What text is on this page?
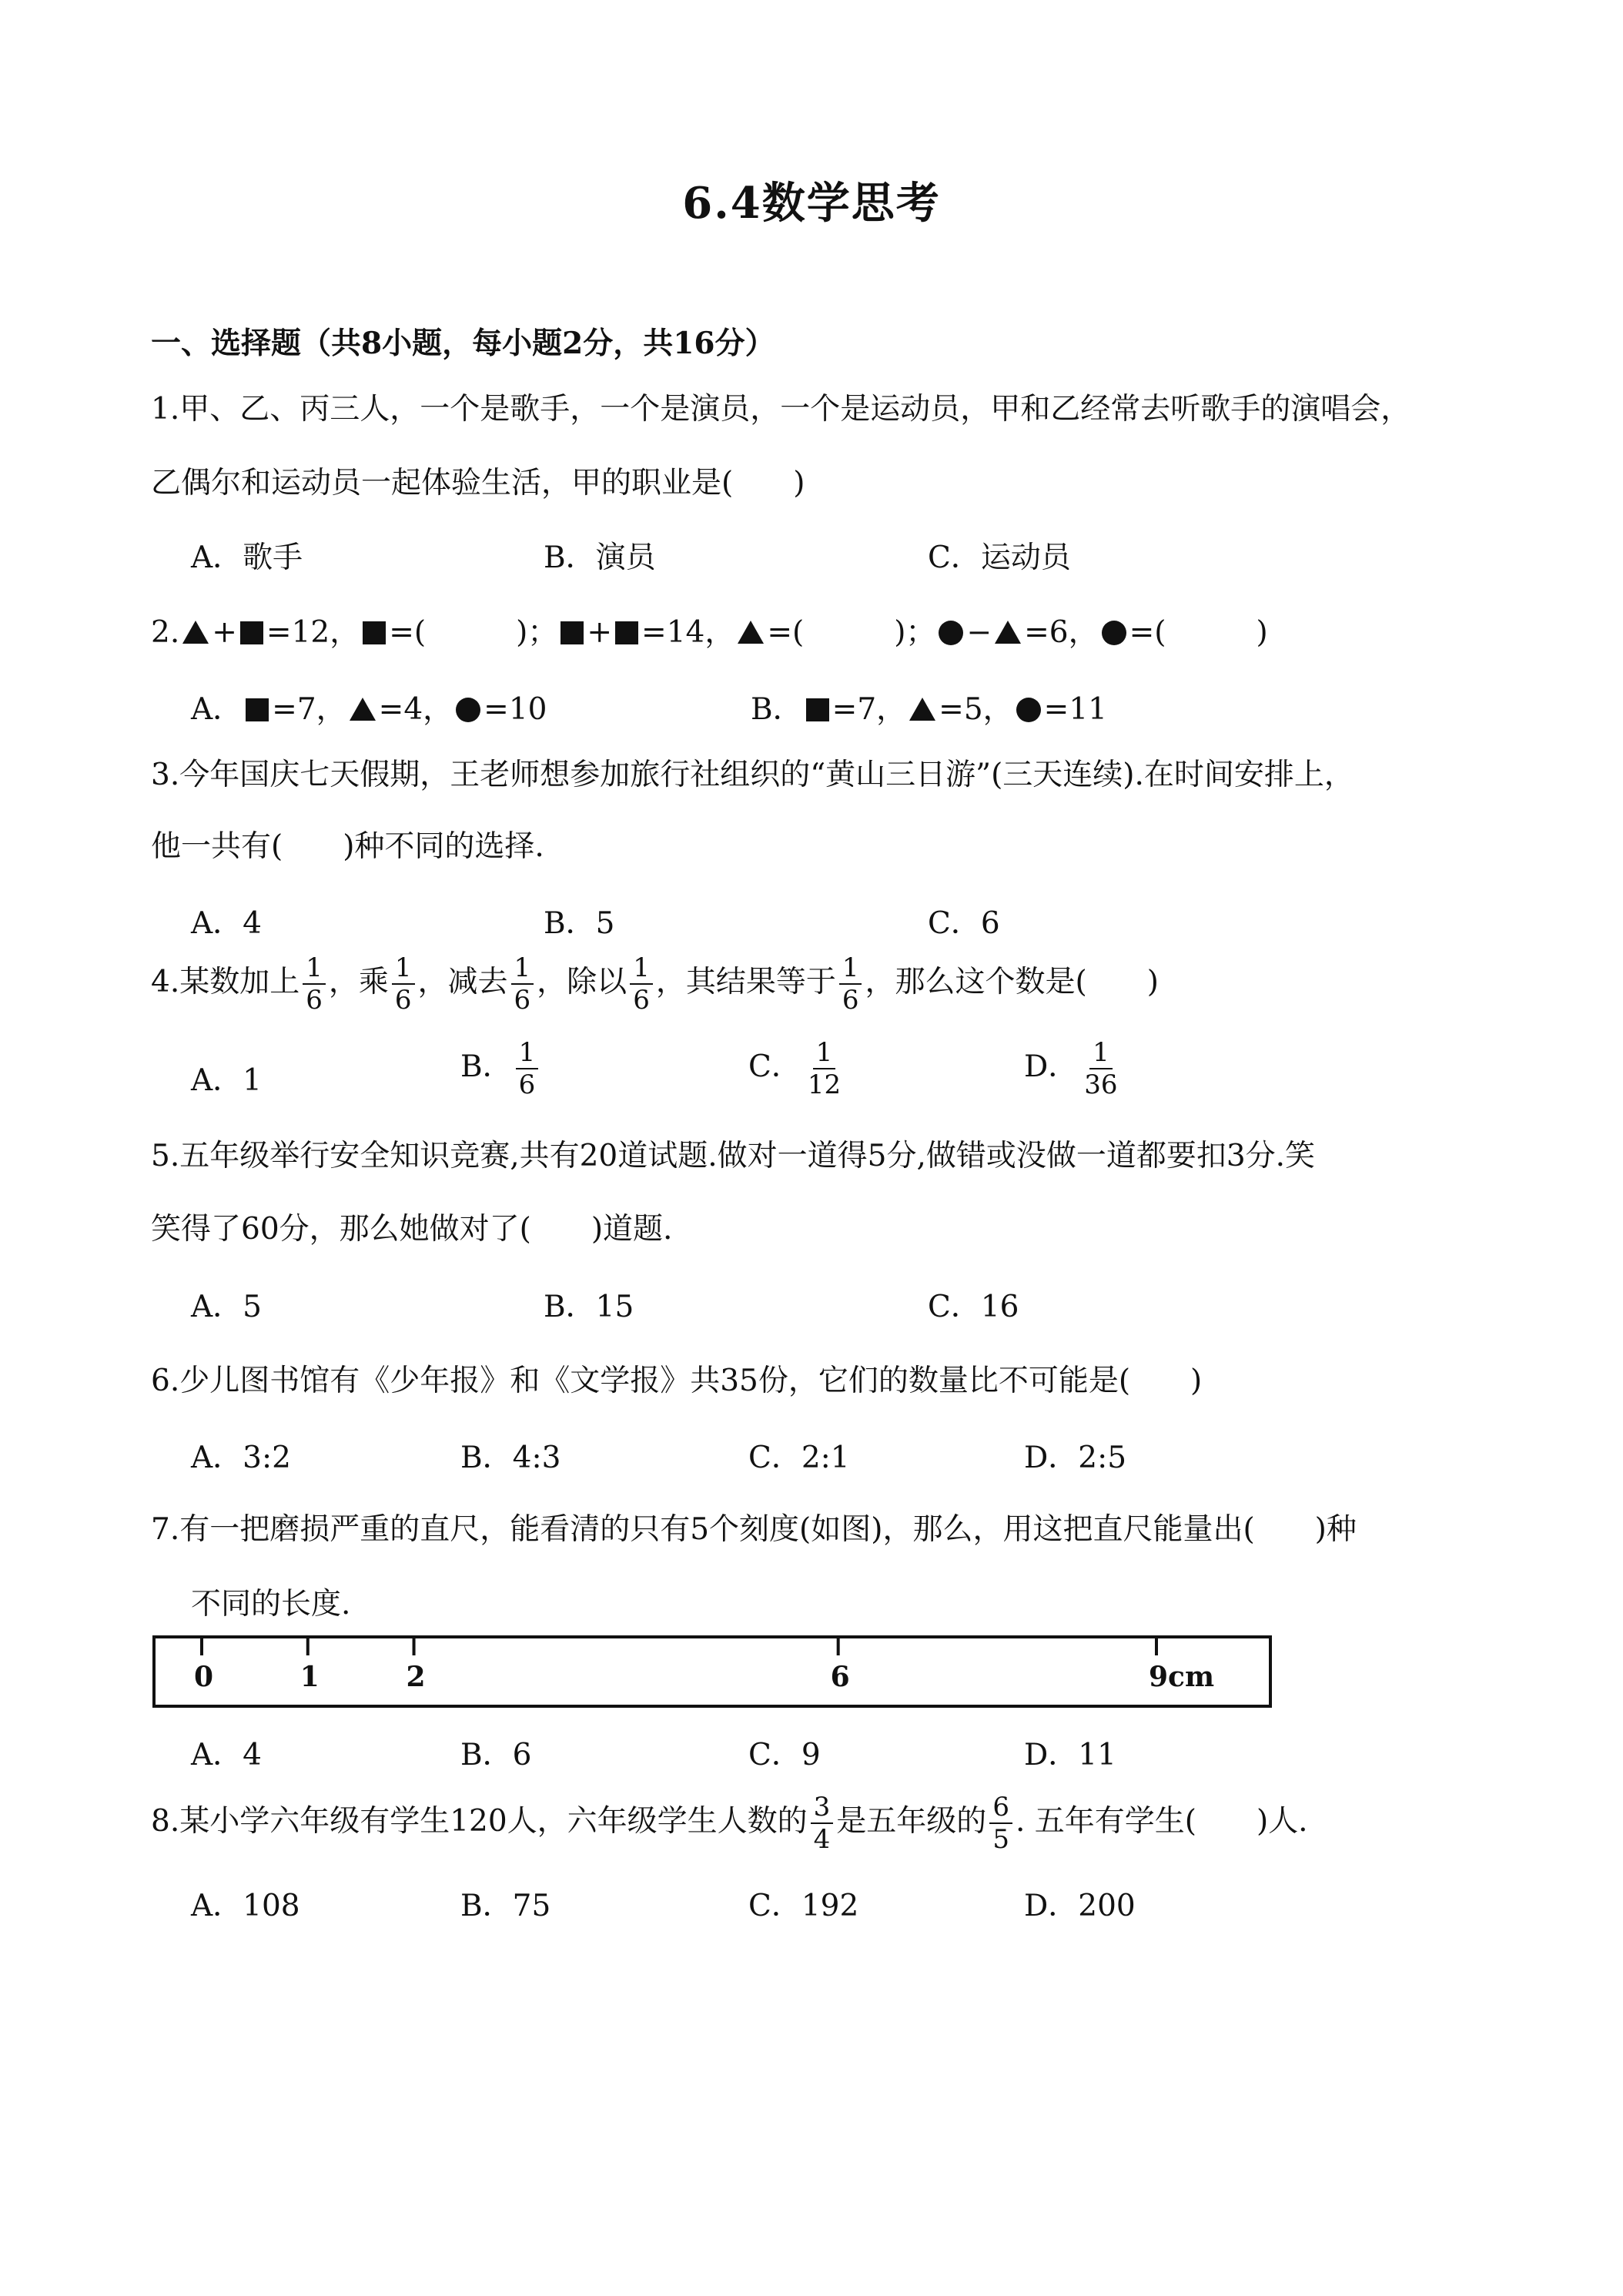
6.4数学思考
一、选择题（共8小题，每小题2分，共16分）
1.甲、乙、丙三人，一个是歌手，一个是演员，一个是运动员，甲和乙经常去听歌手的演唱会，
乙偶尔和运动员一起体验生活，甲的职业是(　　)
A．歌手	B．演员	C．运动员
2. + =12， =(　　　)； + =14， =(　　　)； − =6， =(　　　)
A． =7， =4， =10	B． =7， =5， =11
3.今年国庆七天假期，王老师想参加旅行社组织的“黄山三日游”(三天连续).在时间安排上，
他一共有(　　)种不同的选择.
A．4	B．5	C．6
4.某数加上 $\frac{1}{6}$ ，乘 $\frac{1}{6}$ ，减去 $\frac{1}{6}$ ，除以 $\frac{1}{6}$ ，其结果等于 $\frac{1}{6}$ ，那么这个数是(　　)
A．1	B． $\frac{1}{6}$	C． $\frac{1}{12}$	D． $\frac{1}{36}$
5.五年级举行安全知识竞赛,共有20道试题.做对一道得5分,做错或没做一道都要扣3分.笑
笑得了60分，那么她做对了(　　)道题.
A．5	B．15	C．16
6.少儿图书馆有《少年报》和《文学报》共35份，它们的数量比不可能是(　　)
A．3:2	B．4:3	C．2:1	D．2:5
7.有一把磨损严重的直尺，能看清的只有5个刻度(如图)，那么，用这把直尺能量出(　　)种
不同的长度.
0	1	2	6	9cm
A．4	B．6	C．9	D．11
8.某小学六年级有学生120人，六年级学生人数的 $\frac{3}{4}$ 是五年级的 $\frac{6}{5}$ . 五年有学生(　　)人.
A．108	B．75	C．192	D．200
